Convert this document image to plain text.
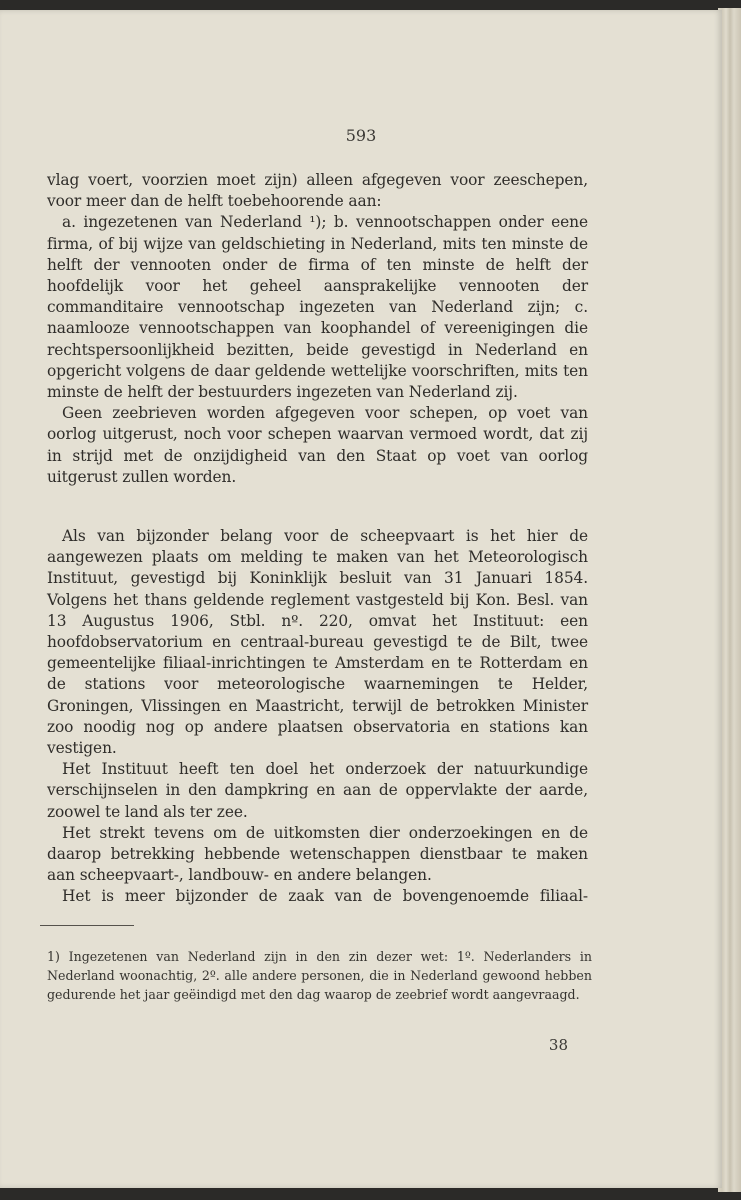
593

vlag voert, voorzien moet zijn) alleen afgegeven voor zeeschepen, voor meer dan de helft toebehoorende aan:

a. ingezetenen van Nederland ¹); b. vennootschappen onder eene firma, of bij wijze van geldschieting in Nederland, mits ten minste de helft der vennooten onder de firma of ten minste de helft der hoofdelijk voor het geheel aansprakelijke vennooten der commanditaire vennootschap ingezeten van Nederland zijn; c. naamlooze vennootschappen van koophandel of vereenigingen die rechtspersoonlijkheid bezitten, beide gevestigd in Nederland en opgericht volgens de daar geldende wettelijke voorschriften, mits ten minste de helft der bestuurders ingezeten van Nederland zij.

Geen zeebrieven worden afgegeven voor schepen, op voet van oorlog uitgerust, noch voor schepen waarvan vermoed wordt, dat zij in strijd met de onzijdigheid van den Staat op voet van oorlog uitgerust zullen worden.

Als van bijzonder belang voor de scheepvaart is het hier de aangewezen plaats om melding te maken van het Meteorologisch Instituut, gevestigd bij Koninklijk besluit van 31 Januari 1854. Volgens het thans geldende reglement vastgesteld bij Kon. Besl. van 13 Augustus 1906, Stbl. nº. 220, omvat het Instituut: een hoofdobservatorium en centraal-bureau gevestigd te de Bilt, twee gemeentelijke filiaal-inrichtingen te Amsterdam en te Rotterdam en de stations voor meteorologische waarnemingen te Helder, Groningen, Vlissingen en Maastricht, terwijl de betrokken Minister zoo noodig nog op andere plaatsen observatoria en stations kan vestigen.

Het Instituut heeft ten doel het onderzoek der natuurkundige verschijnselen in den dampkring en aan de oppervlakte der aarde, zoowel te land als ter zee.

Het strekt tevens om de uitkomsten dier onderzoekingen en de daarop betrekking hebbende wetenschappen dienstbaar te maken aan scheepvaart-, landbouw- en andere belangen.

Het is meer bijzonder de zaak van de bovengenoemde filiaal-

1) Ingezetenen van Nederland zijn in den zin dezer wet: 1º. Nederlanders in Nederland woonachtig, 2º. alle andere personen, die in Nederland gewoond hebben gedurende het jaar geëindigd met den dag waarop de zeebrief wordt aangevraagd.

38
